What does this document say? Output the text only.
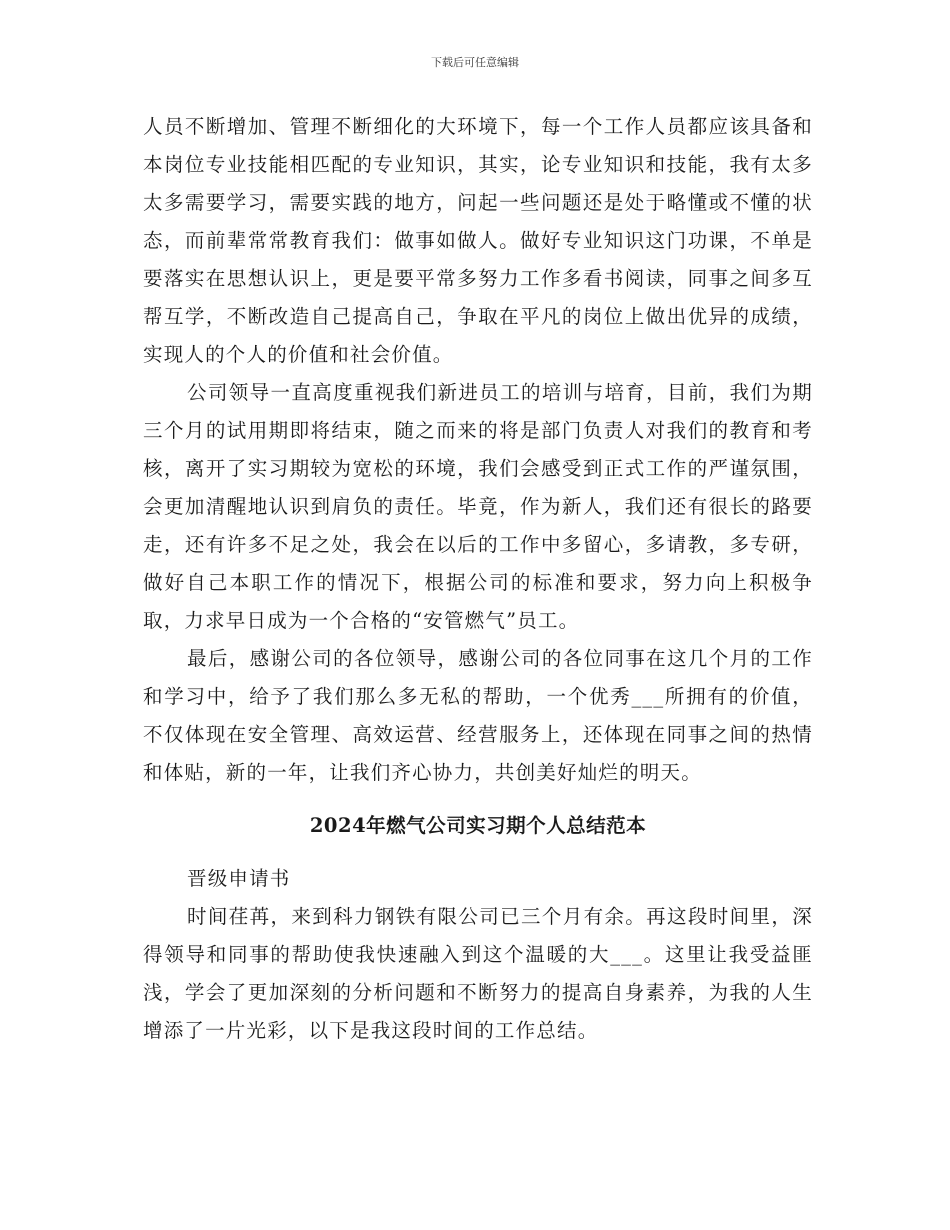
下载后可任意编辑

人员不断增加、管理不断细化的大环境下，每一个工作人员都应该具备和本岗位专业技能相匹配的专业知识，其实，论专业知识和技能，我有太多太多需要学习，需要实践的地方，问起一些问题还是处于略懂或不懂的状态，而前辈常常教育我们：做事如做人。做好专业知识这门功课，不单是要落实在思想认识上，更是要平常多努力工作多看书阅读，同事之间多互帮互学，不断改造自己提高自己，争取在平凡的岗位上做出优异的成绩，实现人的个人的价值和社会价值。

公司领导一直高度重视我们新进员工的培训与培育，目前，我们为期三个月的试用期即将结束，随之而来的将是部门负责人对我们的教育和考核，离开了实习期较为宽松的环境，我们会感受到正式工作的严谨氛围，会更加清醒地认识到肩负的责任。毕竟，作为新人，我们还有很长的路要走，还有许多不足之处，我会在以后的工作中多留心，多请教，多专研，做好自己本职工作的情况下，根据公司的标准和要求，努力向上积极争取，力求早日成为一个合格的“安管燃气”员工。

最后，感谢公司的各位领导，感谢公司的各位同事在这几个月的工作和学习中，给予了我们那么多无私的帮助，一个优秀___所拥有的价值，不仅体现在安全管理、高效运营、经营服务上，还体现在同事之间的热情和体贴，新的一年，让我们齐心协力，共创美好灿烂的明天。

2024年燃气公司实习期个人总结范本

晋级申请书

时间荏苒，来到科力钢铁有限公司已三个月有余。再这段时间里，深得领导和同事的帮助使我快速融入到这个温暖的大___。这里让我受益匪浅，学会了更加深刻的分析问题和不断努力的提高自身素养，为我的人生增添了一片光彩，以下是我这段时间的工作总结。
